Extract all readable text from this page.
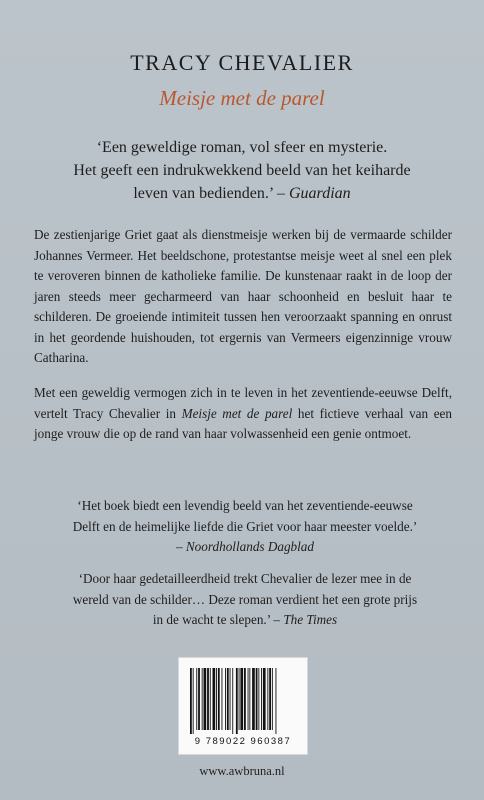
TRACY CHEVALIER
Meisje met de parel
‘Een geweldige roman, vol sfeer en mysterie.
Het geeft een indrukwekkend beeld van het keiharde
leven van bedienden.’ – Guardian
De zestienjarige Griet gaat als dienstmeisje werken bij de vermaarde schilder Johannes Vermeer. Het beeldschone, protestantse meisje weet al snel een plek te veroveren binnen de katholieke familie. De kunstenaar raakt in de loop der jaren steeds meer gecharmeerd van haar schoonheid en besluit haar te schilderen. De groeiende intimiteit tussen hen veroorzaakt spanning en onrust in het geordende huishouden, tot ergernis van Vermeers eigenzinnige vrouw Catharina.
Met een geweldig vermogen zich in te leven in het zeventiende-eeuwse Delft, vertelt Tracy Chevalier in Meisje met de parel het fictieve verhaal van een jonge vrouw die op de rand van haar volwassenheid een genie ontmoet.
‘Het boek biedt een levendig beeld van het zeventiende-eeuwse
Delft en de heimelijke liefde die Griet voor haar meester voelde.’
– Noordhollands Dagblad
‘Door haar gedetailleerdheid trekt Chevalier de lezer mee in de
wereld van de schilder… Deze roman verdient het een grote prijs
in de wacht te slepen.’ – The Times
9 789022 960387
www.awbruna.nl
